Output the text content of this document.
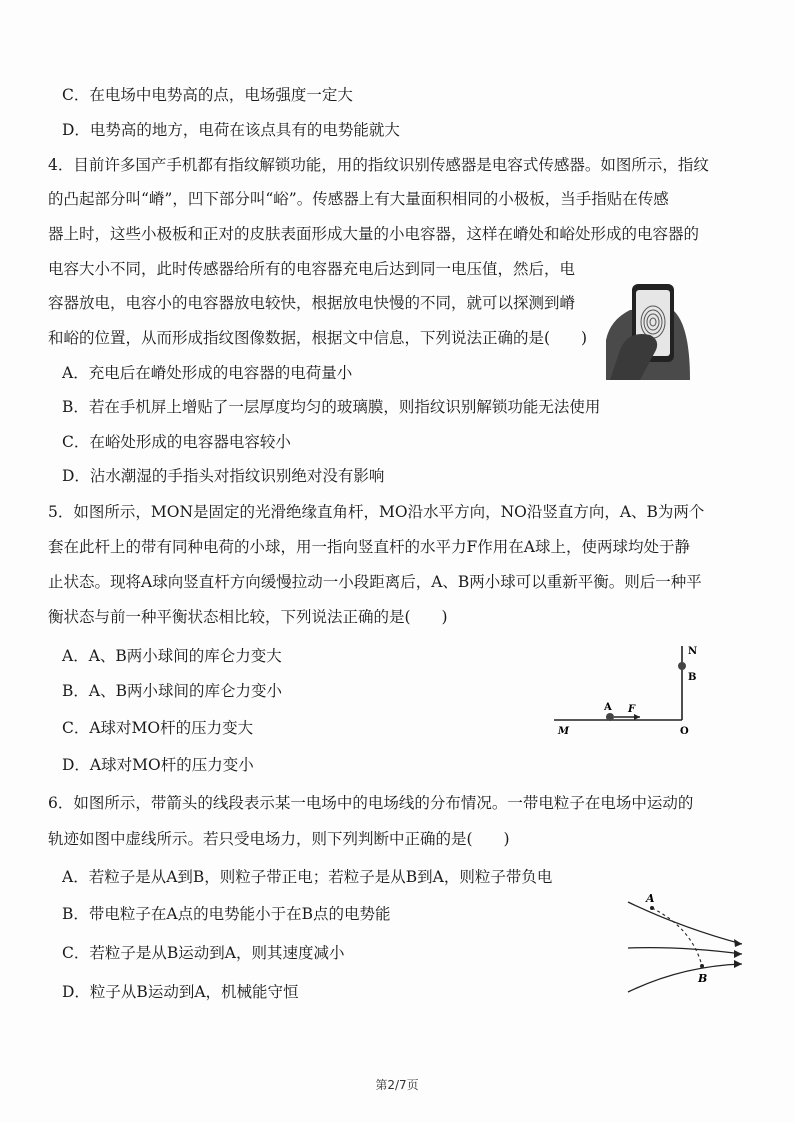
C．在电场中电势高的点，电场强度一定大
D．电势高的地方，电荷在该点具有的电势能就大
4．目前许多国产手机都有指纹解锁功能，用的指纹识别传感器是电容式传感器。如图所示，指纹
的凸起部分叫“嵴”，凹下部分叫“峪”。传感器上有大量面积相同的小极板，当手指贴在传感
器上时，这些小极板和正对的皮肤表面形成大量的小电容器，这样在嵴处和峪处形成的电容器的
电容大小不同，此时传感器给所有的电容器充电后达到同一电压值，然后，电
容器放电，电容小的电容器放电较快，根据放电快慢的不同，就可以探测到嵴
和峪的位置，从而形成指纹图像数据，根据文中信息，下列说法正确的是(　　)
A．充电后在嵴处形成的电容器的电荷量小
B．若在手机屏上增贴了一层厚度均匀的玻璃膜，则指纹识别解锁功能无法使用
C．在峪处形成的电容器电容较小
D．沾水潮湿的手指头对指纹识别绝对没有影响
5．如图所示，MON是固定的光滑绝缘直角杆，MO沿水平方向，NO沿竖直方向，A、B为两个
套在此杆上的带有同种电荷的小球，用一指向竖直杆的水平力F作用在A球上，使两球均处于静
止状态。现将A球向竖直杆方向缓慢拉动一小段距离后，A、B两小球可以重新平衡。则后一种平
衡状态与前一种平衡状态相比较，下列说法正确的是(　　)
A．A、B两小球间的库仑力变大
B．A、B两小球间的库仑力变小
C．A球对MO杆的压力变大
D．A球对MO杆的压力变小
N
B
F
A
M	O
6．如图所示，带箭头的线段表示某一电场中的电场线的分布情况。一带电粒子在电场中运动的
轨迹如图中虚线所示。若只受电场力，则下列判断中正确的是(　　)
A．若粒子是从A到B，则粒子带正电；若粒子是从B到A，则粒子带负电
B．带电粒子在A点的电势能小于在B点的电势能
C．若粒子是从B运动到A，则其速度减小
D．粒子从B运动到A，机械能守恒
A
B
第2/7页
